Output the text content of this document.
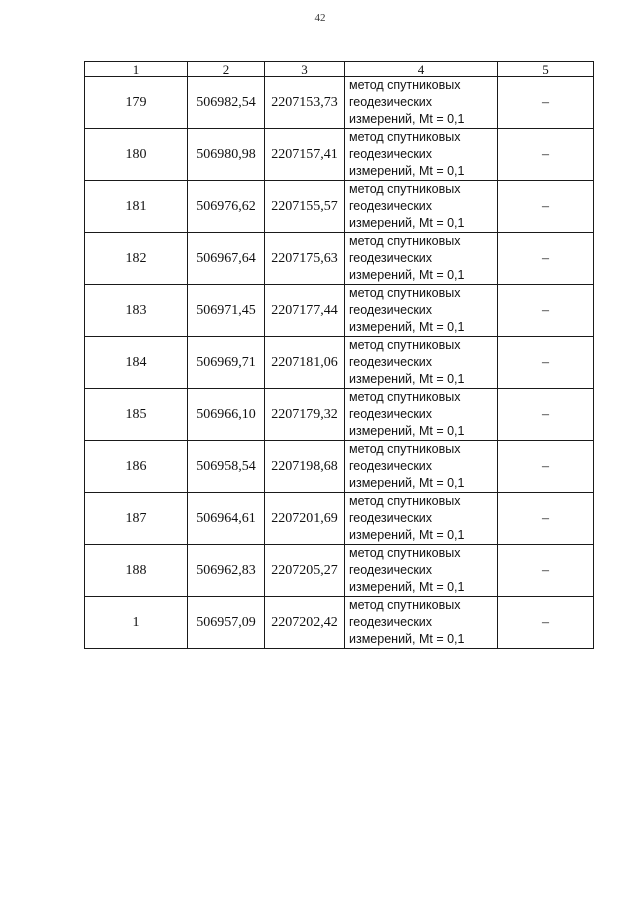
42
1	2	3	4	5
179	506982,54	2207153,73	метод спутниковых
геодезических
измерений, Mt = 0,1	–
180	506980,98	2207157,41	метод спутниковых
геодезических
измерений, Mt = 0,1	–
181	506976,62	2207155,57	метод спутниковых
геодезических
измерений, Mt = 0,1	–
182	506967,64	2207175,63	метод спутниковых
геодезических
измерений, Mt = 0,1	–
183	506971,45	2207177,44	метод спутниковых
геодезических
измерений, Mt = 0,1	–
184	506969,71	2207181,06	метод спутниковых
геодезических
измерений, Mt = 0,1	–
185	506966,10	2207179,32	метод спутниковых
геодезических
измерений, Mt = 0,1	–
186	506958,54	2207198,68	метод спутниковых
геодезических
измерений, Mt = 0,1	–
187	506964,61	2207201,69	метод спутниковых
геодезических
измерений, Mt = 0,1	–
188	506962,83	2207205,27	метод спутниковых
геодезических
измерений, Mt = 0,1	–
1	506957,09	2207202,42	метод спутниковых
геодезических
измерений, Mt = 0,1	–
